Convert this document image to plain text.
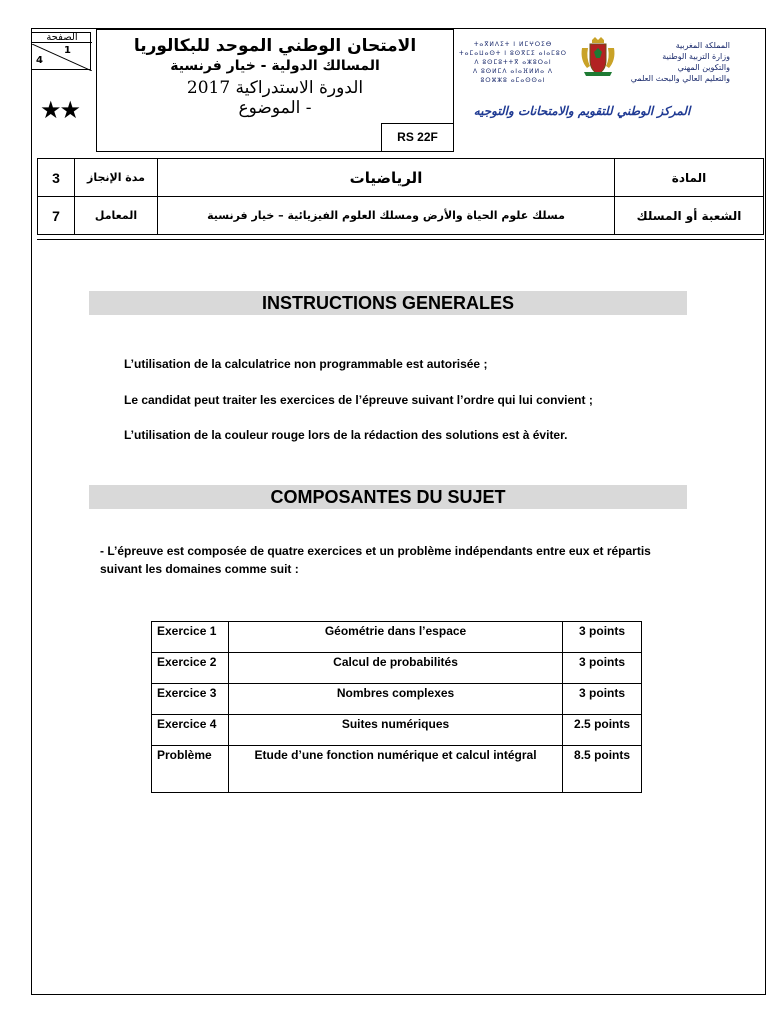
الصفحة
1
4
★★
الامتحان الوطني الموحد للبكالوريا
المسالك الدولية - خيار فرنسية
الدورة الاستدراكية 2017
- الموضوع
RS 22F
ⵜⴰⴳⵍⴷⵉⵜ ⵏ ⵍⵎⵖⵔⵉⴱ
ⵜⴰⵎⴰⵡⴰⵙⵜ ⵏ ⵓⵙⴳⵎⵉ ⴰⵏⴰⵎⵓⵔ
ⴷ ⵓⵙⵎⵓⵜⵜⴳ ⴰⵣⵓⵔⴰⵏ
ⴷ ⵓⵙⵍⵎⴷ ⴰⵏⴰⴼⵍⵍⴰ ⴷ ⵓⵔⵣⵣⵓ ⴰⵎⴰⵙⵙⴰⵏ
المملكة المغربية
وزارة التربية الوطنية
والتكوين المهني
والتعليم العالي والبحث العلمي
المركز الوطني للتقويم والامتحانات والتوجيه
3	مدة الإنجاز	الرياضيات	المادة
7	المعامل	مسلك علوم الحياة والأرض ومسلك العلوم الفيزيائية – خيار فرنسية	الشعبة أو المسلك
INSTRUCTIONS GENERALES
L’utilisation de la calculatrice non programmable est autorisée ;
Le candidat peut traiter les exercices de l’épreuve suivant l’ordre qui lui convient ;
L’utilisation de la couleur rouge lors de la rédaction des solutions est à éviter.
COMPOSANTES DU SUJET
- L’épreuve est composée de quatre exercices et un problème indépendants entre eux et répartis suivant les domaines comme suit :
Exercice 1	Géométrie dans l’espace	3 points
Exercice 2	Calcul de probabilités	3 points
Exercice 3	Nombres complexes	3 points
Exercice 4	Suites numériques	2.5 points
Problème	Etude d’une fonction numérique et calcul intégral	8.5 points
